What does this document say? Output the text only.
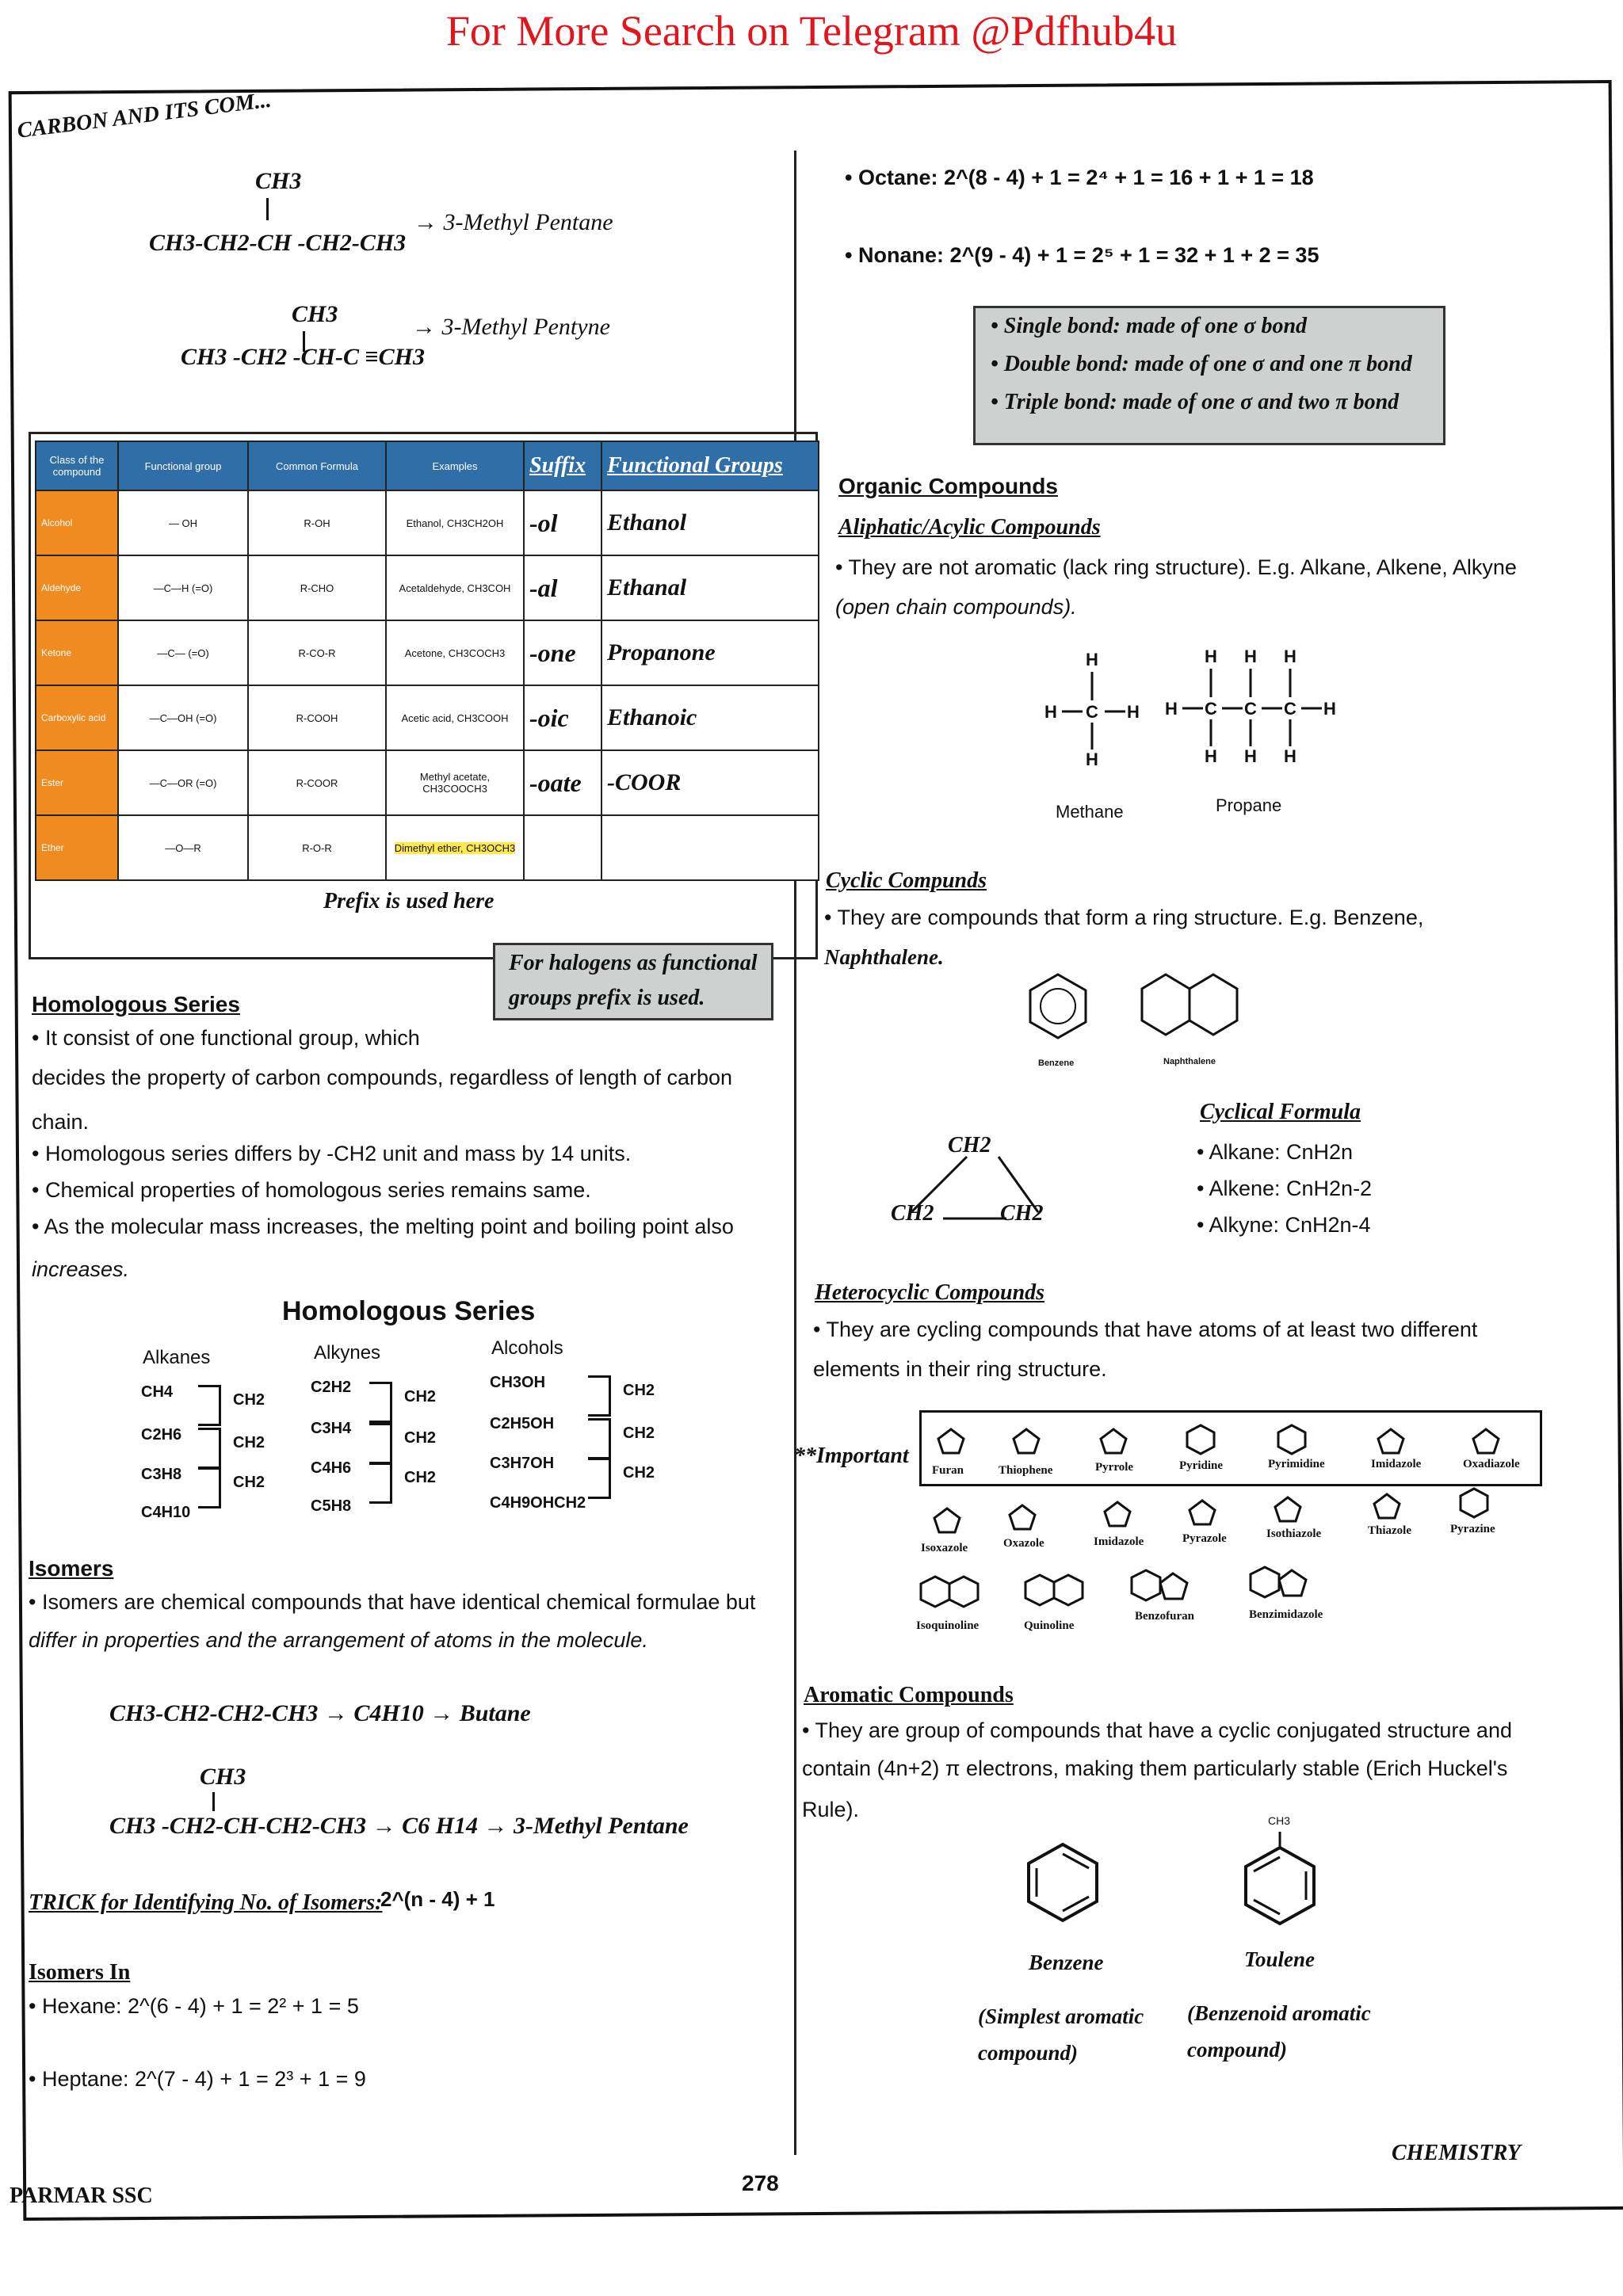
For More Search on Telegram @Pdfhub4u
CARBON AND ITS COM...
CH3
CH3-CH2-CH -CH2-CH3
→ 3-Methyl Pentane
CH3
CH3 -CH2 -CH-C ≡CH3
→ 3-Methyl Pentyne
Class of the compound	Functional group	Common Formula	Examples	Suffix	Functional Groups
Alcohol	— OH	R-OH	Ethanol, CH3CH2OH	-ol	Ethanol
Aldehyde	—C—H (=O)	R-CHO	Acetaldehyde, CH3COH	-al	Ethanal
Ketone	—C— (=O)	R-CO-R	Acetone, CH3COCH3	-one	Propanone
Carboxylic acid	—C—OH (=O)	R-COOH	Acetic acid, CH3COOH	-oic	Ethanoic
Ester	—C—OR (=O)	R-COOR	Methyl acetate, CH3COOCH3	-oate	-COOR
Ether	—O—R	R-O-R	Dimethyl ether, CH3OCH3		
Prefix is used here
For halogens as functional
groups prefix is used.
Homologous Series
• It consist of one functional group, which
decides the property of carbon compounds, regardless of length of carbon
chain.
• Homologous series differs by -CH2 unit and mass by 14 units.
• Chemical properties of homologous series remains same.
• As the molecular mass increases, the melting point and boiling point also
increases.
Homologous Series
Alkanes	Alkynes	Alcohols
CH4
C2H6
C3H8
C4H10
CH2
CH2
CH2
C2H2
C3H4
C4H6
C5H8
CH2
CH2
CH2
CH3OH
C2H5OH
C3H7OH
C4H9OHCH2
CH2
CH2
CH2
Isomers
• Isomers are chemical compounds that have identical chemical formulae but
differ in properties and the arrangement of atoms in the molecule.
CH3-CH2-CH2-CH3 → C4H10 → Butane
CH3
CH3 -CH2-CH-CH2-CH3 → C6 H14 → 3-Methyl Pentane
TRICK for Identifying No. of Isomers:
2^(n - 4) + 1
Isomers In
• Hexane: 2^(6 - 4) + 1 = 2² + 1 = 5
• Heptane: 2^(7 - 4) + 1 = 2³ + 1 = 9
• Octane: 2^(8 - 4) + 1 = 2⁴ + 1 = 16 + 1 + 1 = 18
• Nonane: 2^(9 - 4) + 1 = 2⁵ + 1 = 32 + 1 + 2 = 35
• Single bond: made of one σ bond
• Double bond: made of one σ and one π bond
• Triple bond: made of one σ and two π bond
Organic Compounds
Aliphatic/Acylic Compounds
• They are not aromatic (lack ring structure). E.g. Alkane, Alkene, Alkyne
(open chain compounds).
H
C
H	H
H
H H H
H C C C H
H H H
Methane	Propane
Cyclic Compunds
• They are compounds that form a ring structure. E.g. Benzene,
Naphthalene.
Benzene	Naphthalene
CH2
CH2	CH2
Cyclical Formula
• Alkane: CnH2n
• Alkene: CnH2n-2
• Alkyne: CnH2n-4
Heterocyclic Compounds
• They are cycling compounds that have atoms of at least two different
elements in their ring structure.
**Important
Furan	Thiophene	Pyrrole	Pyridine	Pyrimidine	Imidazole	Oxadiazole
Isoxazole	Oxazole	Imidazole	Pyrazole	Isothiazole	Thiazole	Pyrazine
Isoquinoline	Quinoline
Benzofuran	Benzimidazole
Aromatic Compounds
• They are group of compounds that have a cyclic conjugated structure and
contain (4n+2) π electrons, making them particularly stable (Erich Huckel's
Rule).	CH3
Benzene	Toulene
(Simplest aromatic
compound)
(Benzenoid aromatic
compound)
PARMAR SSC
278
CHEMISTRY
